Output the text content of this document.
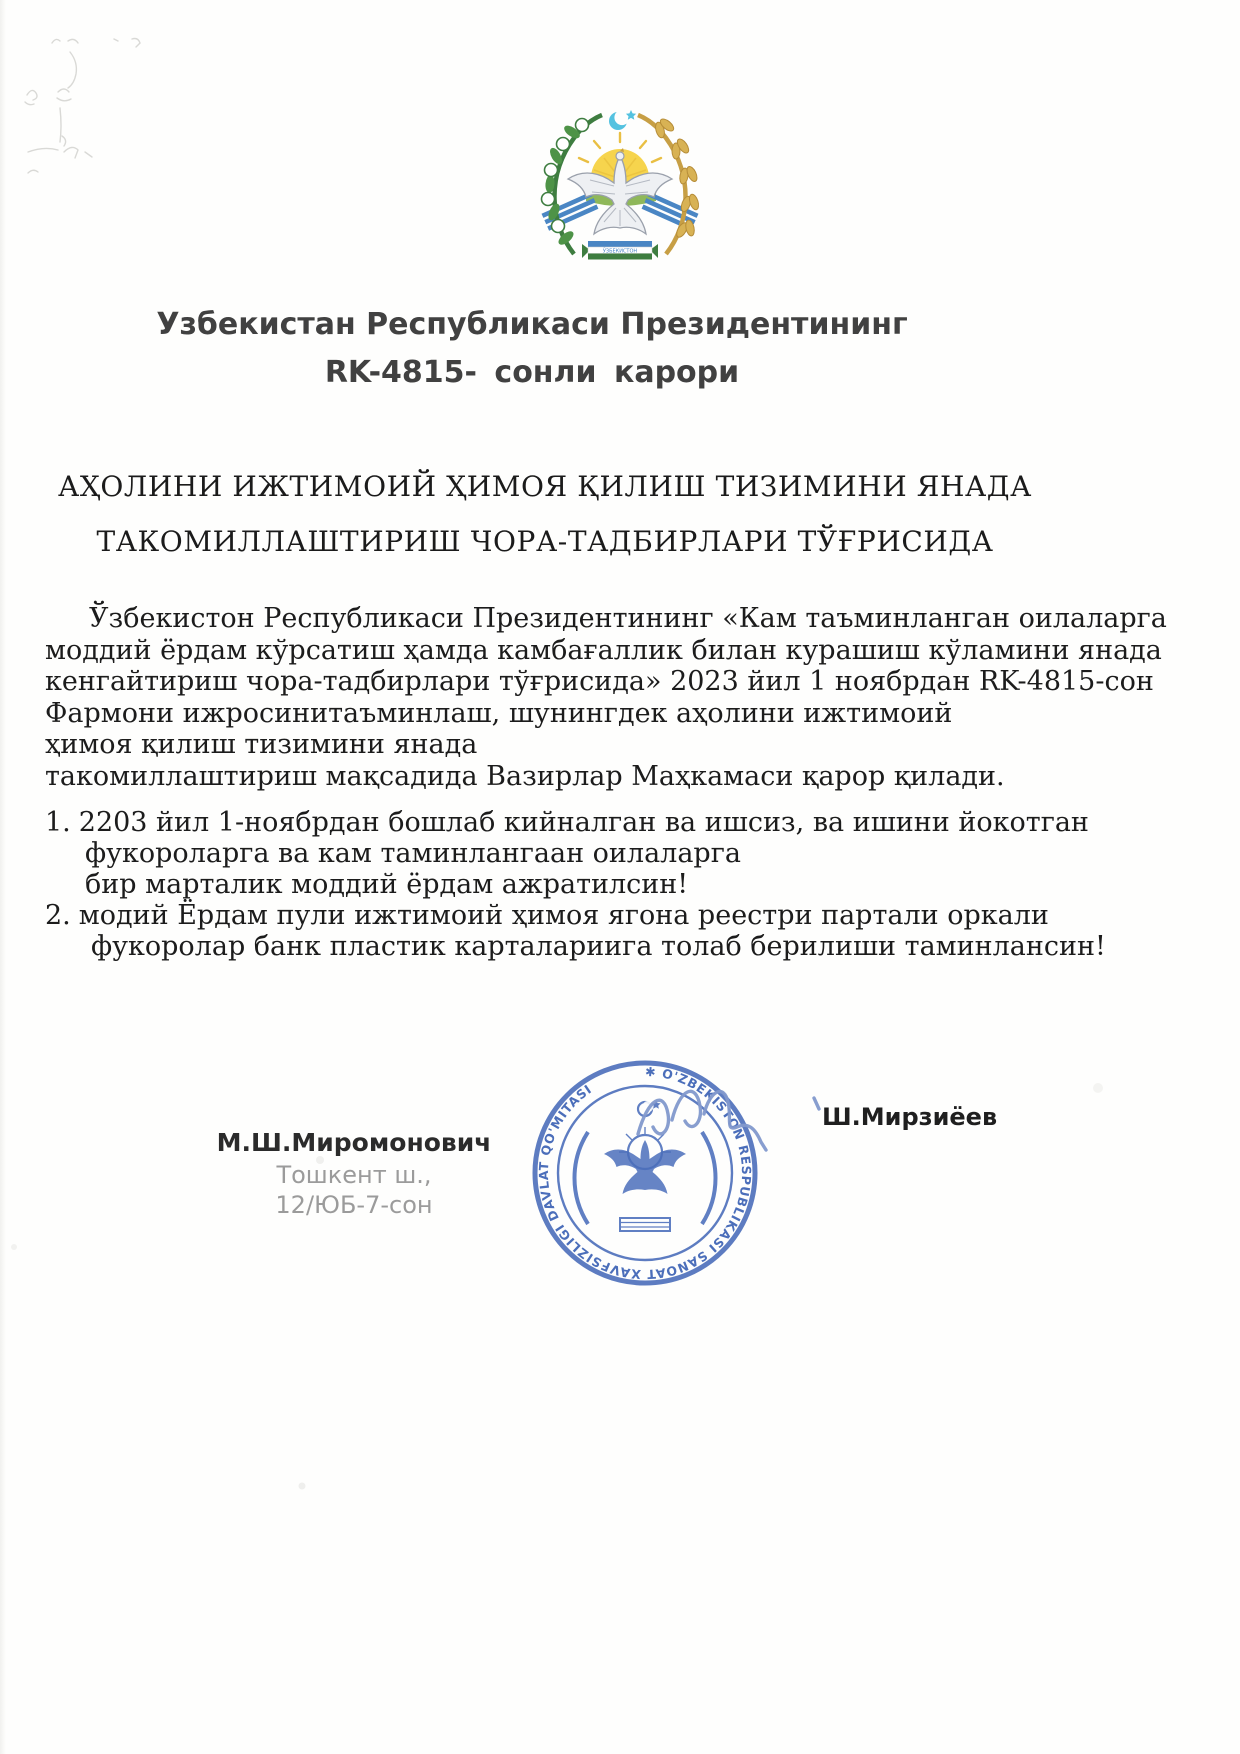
ЎЗБЕКИСТОН
Узбекистан Республикаси Президентининг
RK-4815- сонли карори
АҲОЛИНИ ИЖТИМОИЙ ҲИМОЯ ҚИЛИШ ТИЗИМИНИ ЯНАДА
ТАКОМИЛЛАШТИРИШ ЧОРА-ТАДБИРЛАРИ ТЎҒРИСИДА
Ўзбекистон Республикаси Президентининг «Кам таъминланган оилаларга
моддий ёрдам кўрсатиш ҳамда камбағаллик билан курашиш кўламини янада
кенгайтириш чора-тадбирлари тўғрисида» 2023 йил 1 ноябрдан RK-4815-сон
Фармони ижросинитаъминлаш, шунингдек аҳолини ижтимоий
ҳимоя қилиш тизимини янада
такомиллаштириш мақсадида Вазирлар Маҳкамаси қарор қилади.
1. 2203 йил 1-ноябрдан бошлаб кийналган ва ишсиз, ва ишини йокотган
фукороларга ва кам таминлангаан оилаларга
бир марталик моддий ёрдам ажратилсин!
2. модий Ёрдам пули ижтимоий ҳимоя ягона реестри партали оркали
фукоролар банк пластик карталариига толаб берилиши таминлансин!
М.Ш.Миромонович
Тошкент ш.,
12/ЮБ-7-сон
✱ O'ZBEKISTON RESPUBLIKASI SANOAT XAVFSIZLIGI DAVLAT QO'MITASI
Ш.Мирзиёев
